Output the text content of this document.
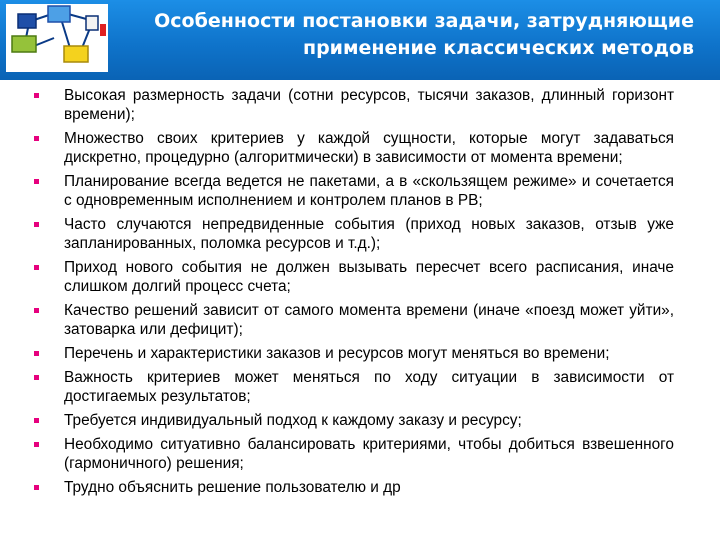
Особенности постановки задачи, затрудняющие
применение классических методов
Высокая размерность задачи (сотни ресурсов, тысячи заказов, длинный горизонт времени);
Множество своих критериев у каждой сущности, которые могут задаваться дискретно, процедурно (алгоритмически) в зависимости от момента времени;
Планирование всегда ведется не пакетами, а в «скользящем режиме» и сочетается с одновременным исполнением и контролем планов в РВ;
Часто случаются непредвиденные события (приход новых заказов, отзыв уже запланированных, поломка ресурсов и т.д.);
Приход нового события не должен вызывать пересчет всего расписания, иначе слишком долгий процесс счета;
Качество решений зависит от самого момента времени (иначе «поезд может уйти», затоварка или дефицит);
Перечень и характеристики заказов и ресурсов могут меняться во времени;
Важность критериев может меняться по ходу ситуации в зависимости от достигаемых результатов;
Требуется индивидуальный подход к каждому заказу и ресурсу;
Необходимо ситуативно балансировать критериями, чтобы добиться взвешенного (гармоничного) решения;
Трудно объяснить решение пользователю и др
